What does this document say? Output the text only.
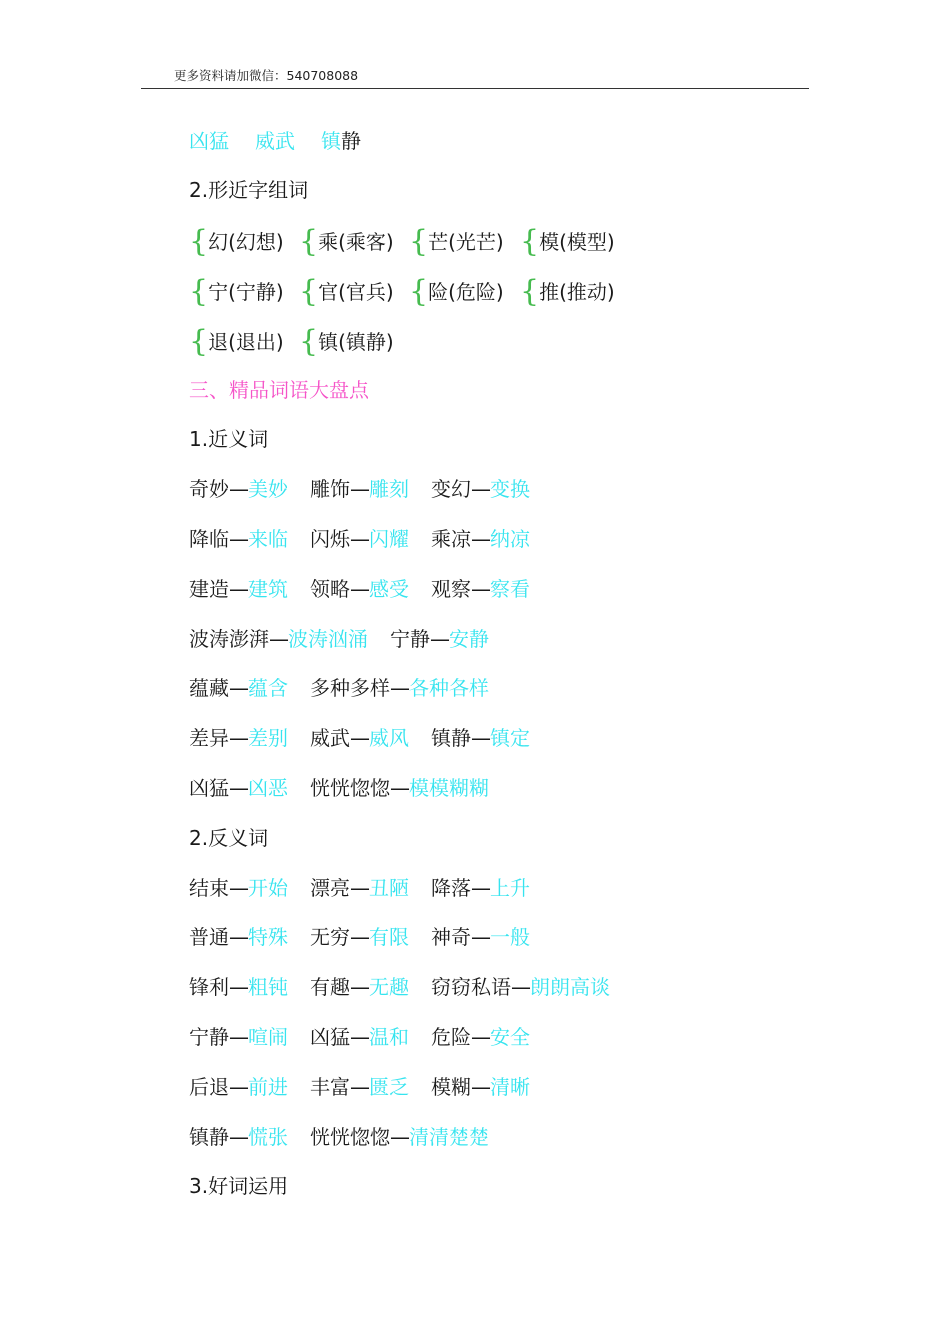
更多资料请加微信：540708088
凶猛 威武 镇静
2.形近字组词
{幻(幻想) {乘(乘客) {芒(光芒) {模(模型)
{宁(宁静) {官(官兵) {险(危险) {推(推动)
{退(退出) {镇(镇静)
三、精品词语大盘点
1.近义词
奇妙—美妙 雕饰—雕刻 变幻—变换
降临—来临 闪烁—闪耀 乘凉—纳凉
建造—建筑 领略—感受 观察—察看
波涛澎湃—波涛汹涌 宁静—安静
蕴藏—蕴含 多种多样—各种各样
差异—差别 威武—威风 镇静—镇定
凶猛—凶恶 恍恍惚惚—模模糊糊
2.反义词
结束—开始 漂亮—丑陋 降落—上升
普通—特殊 无穷—有限 神奇—一般
锋利—粗钝 有趣—无趣 窃窃私语—朗朗高谈
宁静—喧闹 凶猛—温和 危险—安全
后退—前进 丰富—匮乏 模糊—清晰
镇静—慌张 恍恍惚惚—清清楚楚
3.好词运用
